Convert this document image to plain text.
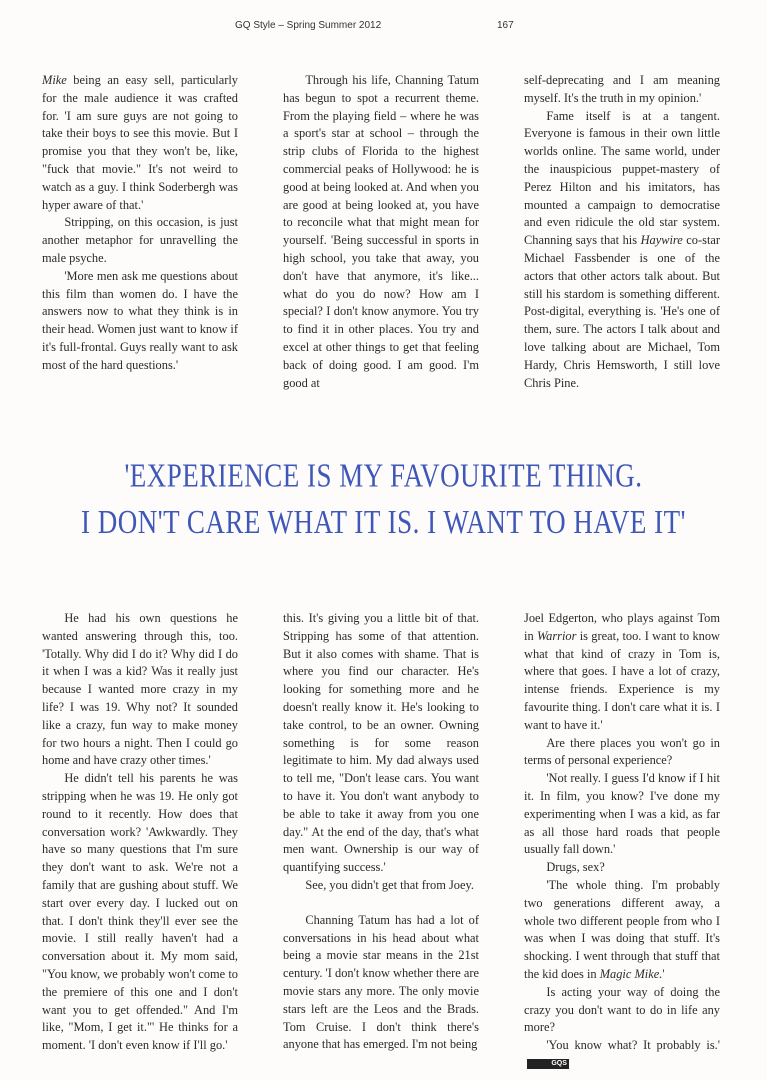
GQ Style – Spring Summer 2012	167

Mike being an easy sell, particularly for the male audience it was crafted for. 'I am sure guys are not going to take their boys to see this movie. But I promise you that they won't be, like, "fuck that movie." It's not weird to watch as a guy. I think Soderbergh was hyper aware of that.'

Stripping, on this occasion, is just another metaphor for unravelling the male psyche.

'More men ask me questions about this film than women do. I have the answers now to what they think is in their head. Women just want to know if it's full-frontal. Guys really want to ask most of the hard questions.'

Through his life, Channing Tatum has begun to spot a recurrent theme. From the playing field – where he was a sport's star at school – through the strip clubs of Florida to the highest commercial peaks of Hollywood: he is good at being looked at. And when you are good at being looked at, you have to reconcile what that might mean for yourself. 'Being successful in sports in high school, you take that away, you don't have that anymore, it's like... what do you do now? How am I special? I don't know anymore. You try to find it in other places. You try and excel at other things to get that feeling back of doing good. I am good. I'm good at

self-deprecating and I am meaning myself. It's the truth in my opinion.'

Fame itself is at a tangent. Everyone is famous in their own little worlds online. The same world, under the inauspicious puppet-mastery of Perez Hilton and his imitators, has mounted a campaign to democratise and even ridicule the old star system. Channing says that his Haywire co-star Michael Fassbender is one of the actors that other actors talk about. But still his stardom is something different. Post-digital, everything is. 'He's one of them, sure. The actors I talk about and love talking about are Michael, Tom Hardy, Chris Hemsworth, I still love Chris Pine.

'EXPERIENCE IS MY FAVOURITE THING.
I DON'T CARE WHAT IT IS. I WANT TO HAVE IT'

He had his own questions he wanted answering through this, too. 'Totally. Why did I do it? Why did I do it when I was a kid? Was it really just because I wanted more crazy in my life? I was 19. Why not? It sounded like a crazy, fun way to make money for two hours a night. Then I could go home and have crazy other times.'

He didn't tell his parents he was stripping when he was 19. He only got round to it recently. How does that conversation work? 'Awkwardly. They have so many questions that I'm sure they don't want to ask. We're not a family that are gushing about stuff. We start over every day. I lucked out on that. I don't think they'll ever see the movie. I still really haven't had a conversation about it. My mom said, "You know, we probably won't come to the premiere of this one and I don't want you to get offended." And I'm like, "Mom, I get it."' He thinks for a moment. 'I don't even know if I'll go.'

this. It's giving you a little bit of that. Stripping has some of that attention. But it also comes with shame. That is where you find our character. He's looking for something more and he doesn't really know it. He's looking to take control, to be an owner. Owning something is for some reason legitimate to him. My dad always used to tell me, "Don't lease cars. You want to have it. You don't want anybody to be able to take it away from you one day." At the end of the day, that's what men want. Ownership is our way of quantifying success.'

See, you didn't get that from Joey.

Channing Tatum has had a lot of conversations in his head about what being a movie star means in the 21st century. 'I don't know whether there are movie stars any more. The only movie stars left are the Leos and the Brads. Tom Cruise. I don't think there's anyone that has emerged. I'm not being

Joel Edgerton, who plays against Tom in Warrior is great, too. I want to know what that kind of crazy in Tom is, where that goes. I have a lot of crazy, intense friends. Experience is my favourite thing. I don't care what it is. I want to have it.'

Are there places you won't go in terms of personal experience?

'Not really. I guess I'd know if I hit it. In film, you know? I've done my experimenting when I was a kid, as far as all those hard roads that people usually fall down.'

Drugs, sex?

'The whole thing. I'm probably two generations different away, a whole two different people from who I was when I was doing that stuff. It's shocking. I went through that stuff that the kid does in Magic Mike.'

Is acting your way of doing the crazy you don't want to do in life any more?

'You know what? It probably is.'GQS
